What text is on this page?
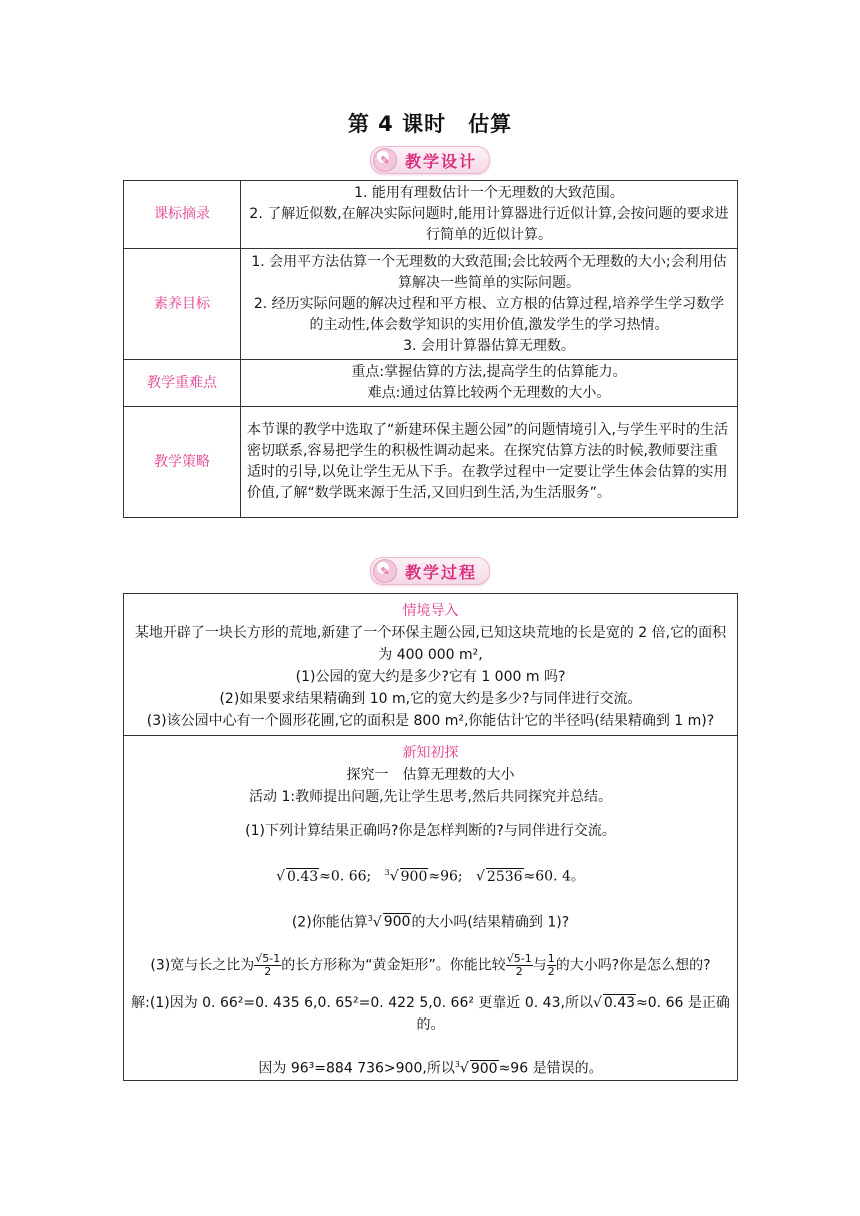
第 4 课时　估算
✎ 教学设计
课标摘录	1. 能用有理数估计一个无理数的大致范围。
2. 了解近似数,在解决实际问题时,能用计算器进行近似计算,会按问题的要求进行简单的近似计算。

素养目标	1. 会用平方法估算一个无理数的大致范围;会比较两个无理数的大小;会利用估算解决一些简单的实际问题。
2. 经历实际问题的解决过程和平方根、立方根的估算过程,培养学生学习数学的主动性,体会数学知识的实用价值,激发学生的学习热情。
3. 会用计算器估算无理数。

教学重难点	重点:掌握估算的方法,提高学生的估算能力。
难点:通过估算比较两个无理数的大小。

教学策略	本节课的教学中选取了“新建环保主题公园”的问题情境引入,与学生平时的生活密切联系,容易把学生的积极性调动起来。在探究估算方法的时候,教师要注重适时的引导,以免让学生无从下手。在教学过程中一定要让学生体会估算的实用价值,了解“数学既来源于生活,又回归到生活,为生活服务”。
✎ 教学过程
情境导入

某地开辟了一块长方形的荒地,新建了一个环保主题公园,已知这块荒地的长是宽的 2 倍,它的面积为 400 000 m²,

(1)公园的宽大约是多少?它有 1 000 m 吗?

(2)如果要求结果精确到 10 m,它的宽大约是多少?与同伴进行交流。

(3)该公园中心有一个圆形花圃,它的面积是 800 m²,你能估计它的半径吗(结果精确到 1 m)?

新知初探

探究一　估算无理数的大小

活动 1:教师提出问题,先让学生思考,然后共同探究并总结。

(1)下列计算结果正确吗?你是怎样判断的?与同伴进行交流。

√ 0.43≈0. 66; $^3$√ 900≈96;   √ 2536≈60. 4。

(2)你能估算$^3$√ 900的大小吗(结果精确到 1)?

(3)宽与长之比为 $\frac{√5-1}{2}$ 的长方形称为“黄金矩形”。你能比较 $\frac{√5-1}{2}$ 与 $\frac{1}{2}$ 的大小吗?你是怎么想的?

解:(1)因为 0. 66²=0. 435 6,0. 65²=0. 422 5,0. 66² 更靠近 0. 43,所以√ 0.43≈0. 66 是正确的。

因为 96³=884 736>900,所以$^3$√ 900≈96 是错误的。
